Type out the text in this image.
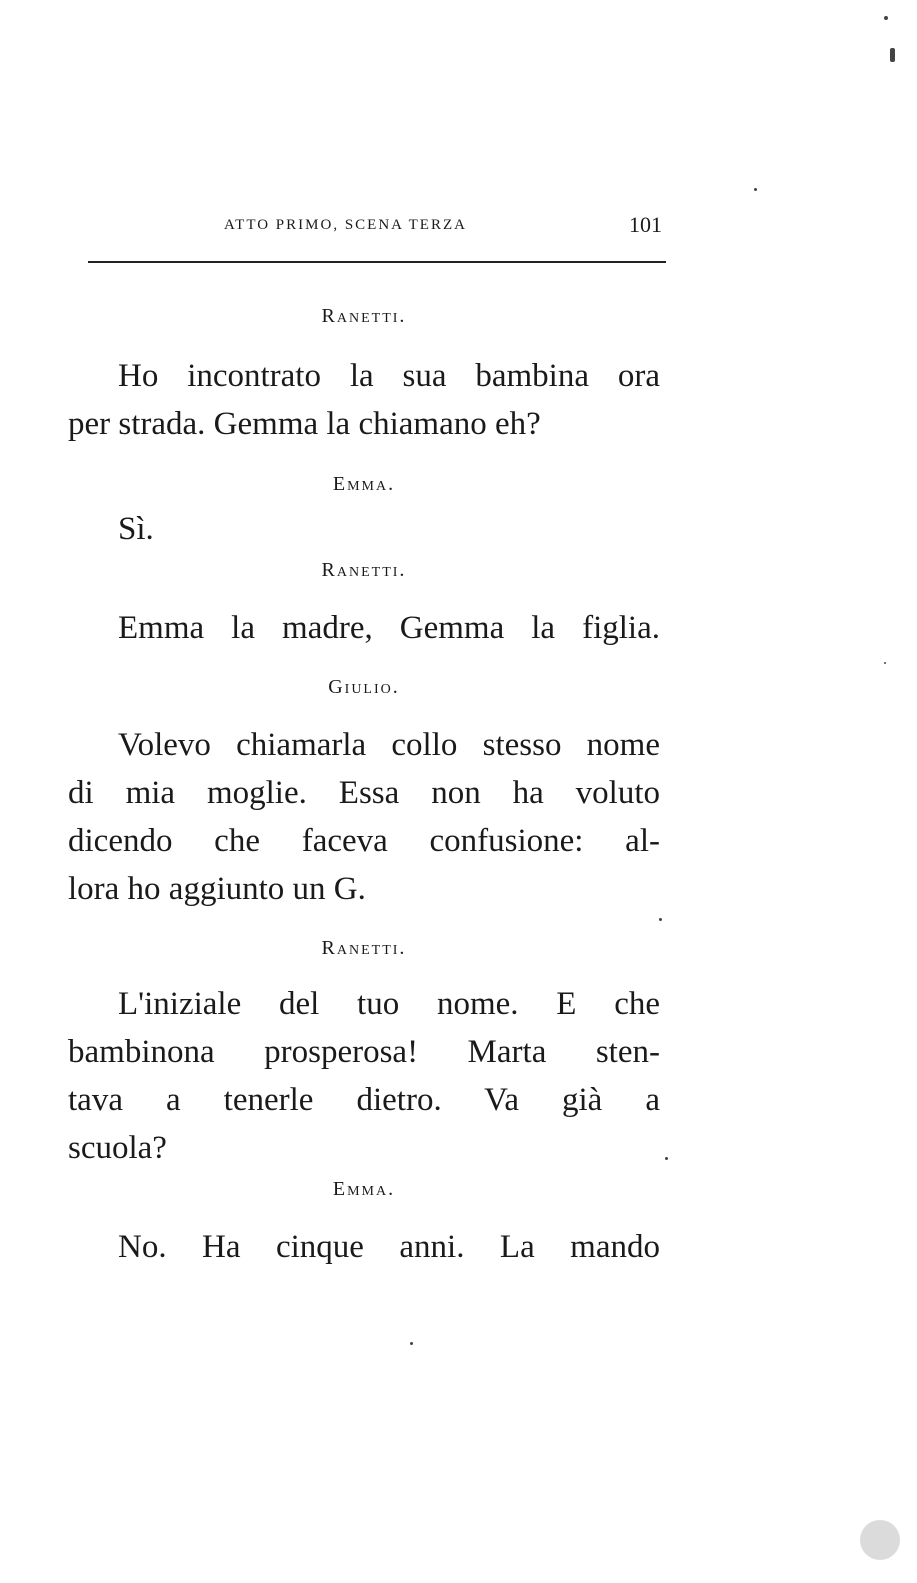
ATTO PRIMO, SCENA TERZA	101
Ranetti.
Ho incontrato la sua bambina ora
per strada. Gemma la chiamano eh?
Emma.
Sì.
Ranetti.
Emma la madre, Gemma la figlia.
Giulio.
Volevo chiamarla collo stesso nome
di mia moglie. Essa non ha voluto
dicendo che faceva confusione: al-
lora ho aggiunto un G.
Ranetti.
L'iniziale del tuo nome. E che
bambinona prosperosa! Marta sten-
tava a tenerle dietro. Va già a
scuola?
Emma.
No. Ha cinque anni. La mando
